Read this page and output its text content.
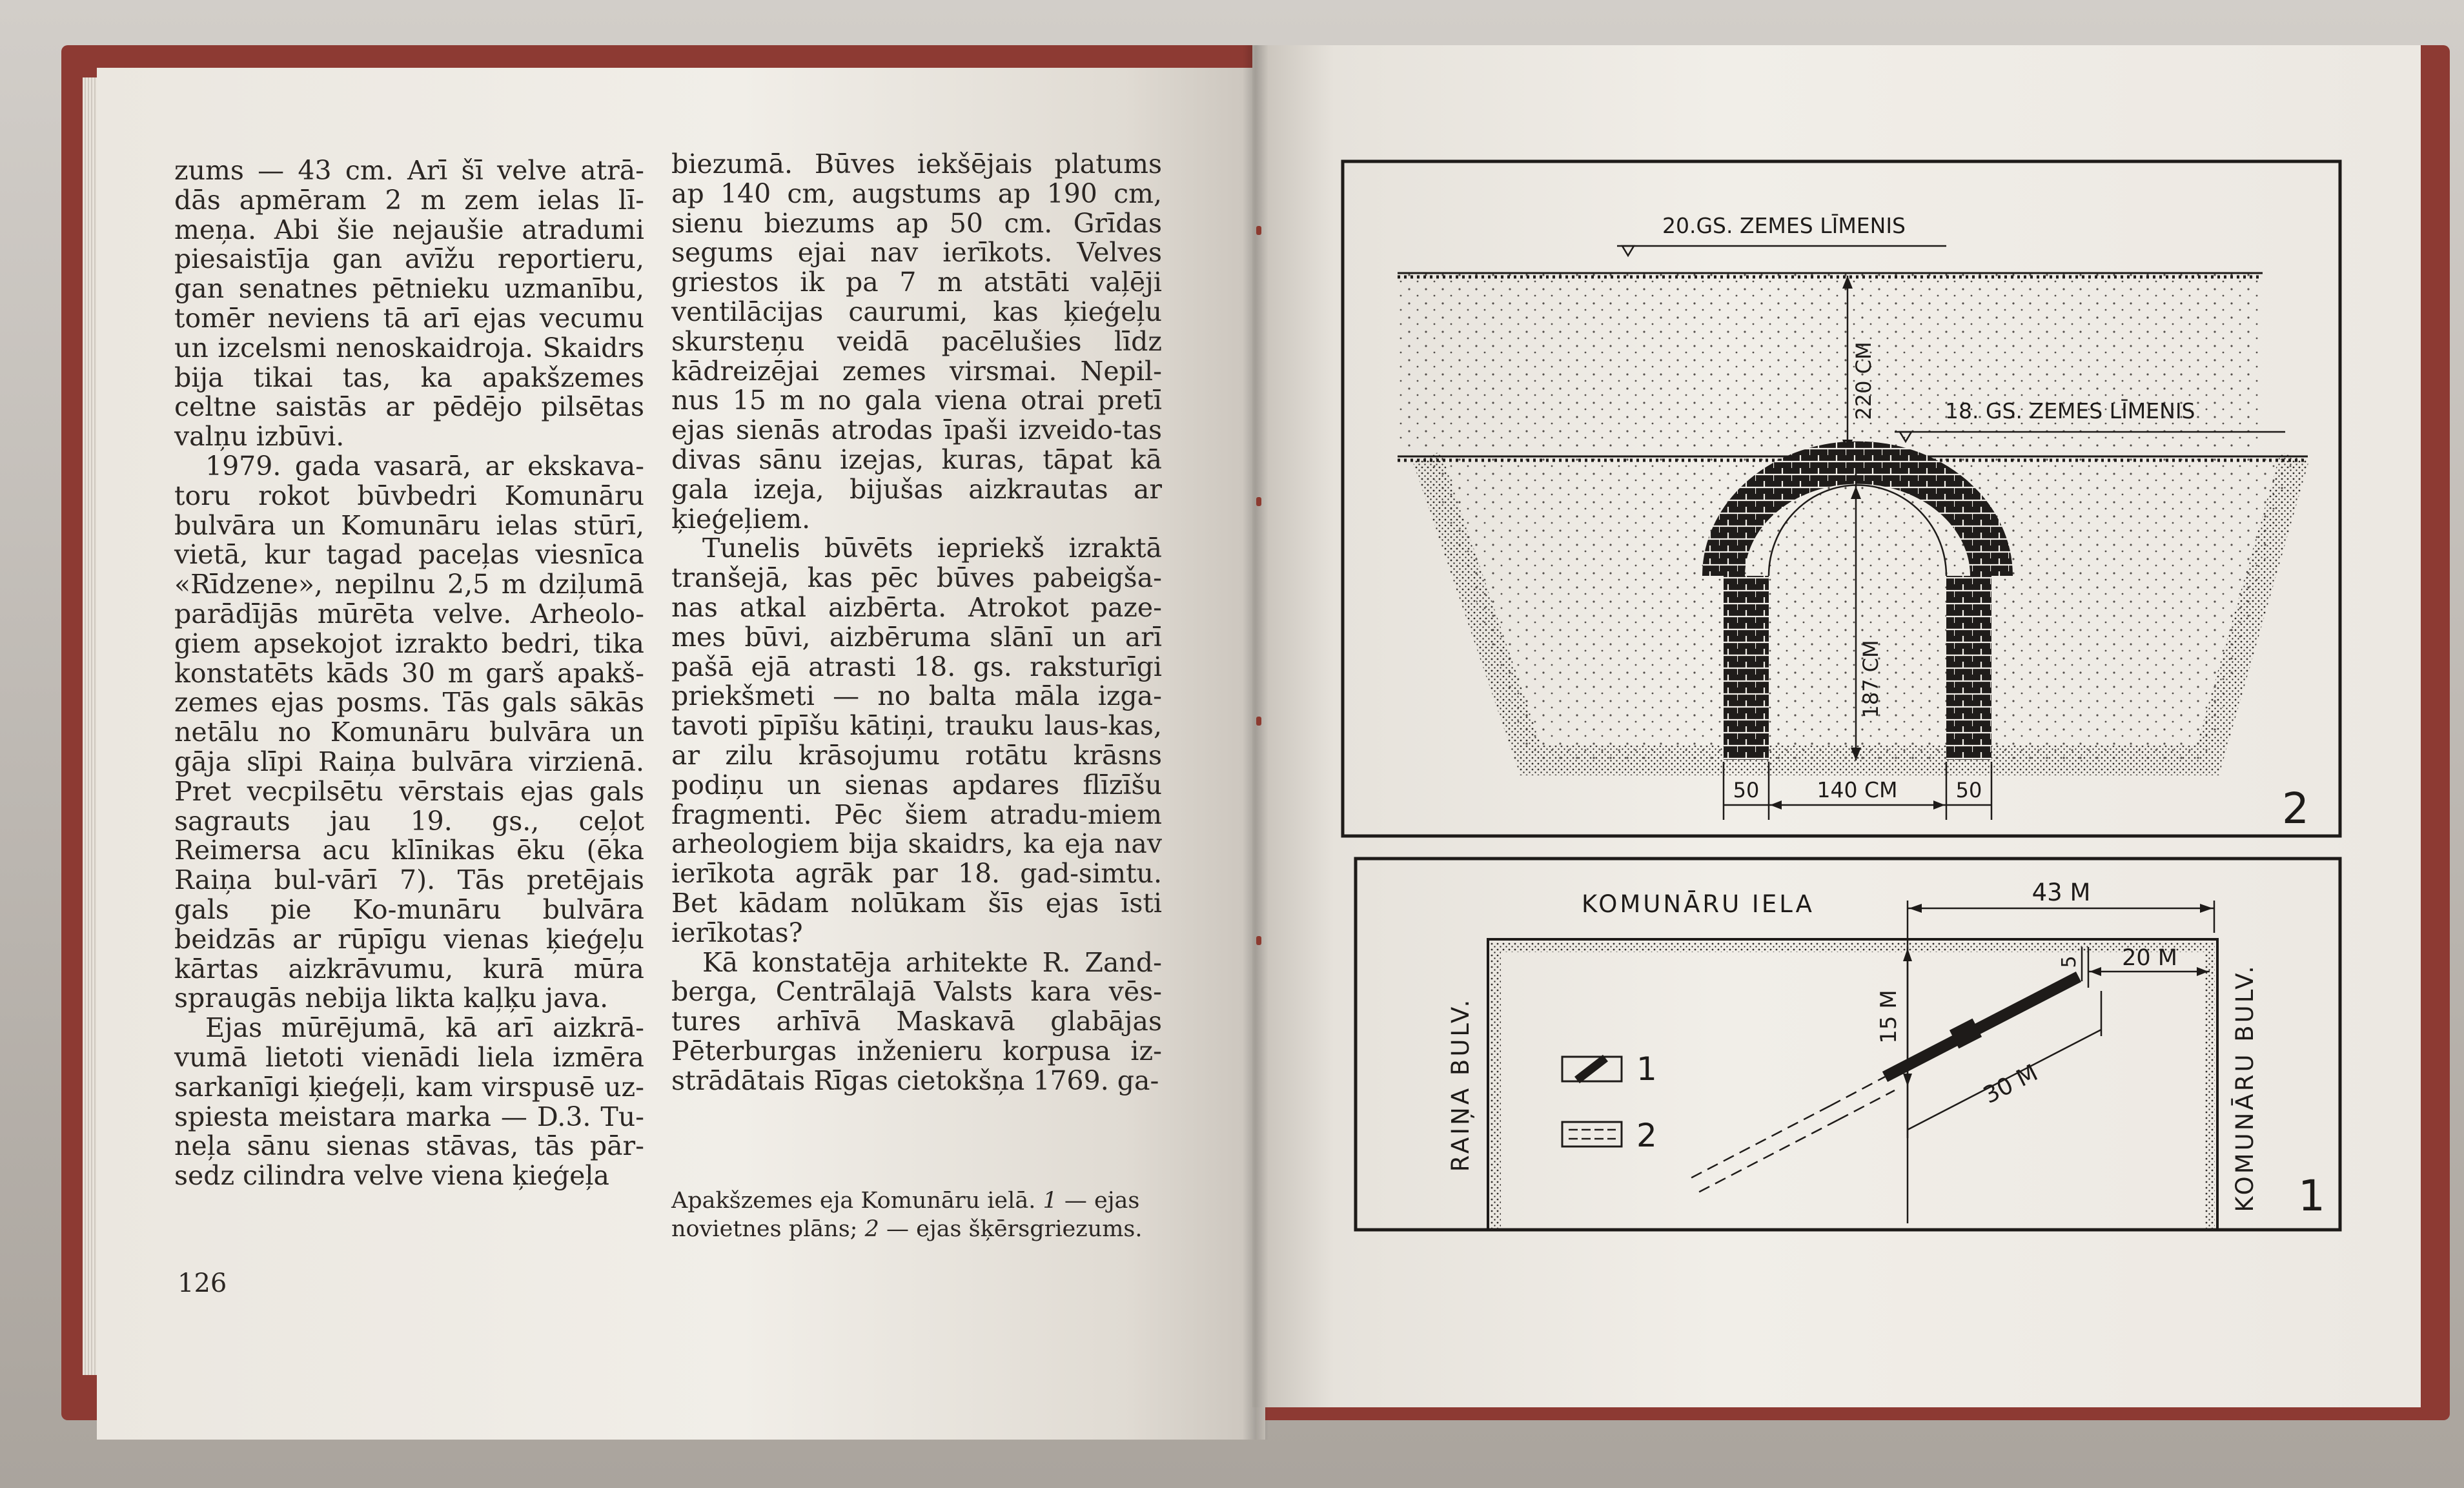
zums — 43 cm. Arī šī velve atrā-dās apmēram 2 m zem ielas lī-meņa. Abi šie nejaušie atradumi piesaistīja gan avīžu reportieru, gan senatnes pētnieku uzmanību, tomēr neviens tā arī ejas vecumu un izcelsmi nenoskaidroja. Skaidrs bija tikai tas, ka apakšzemes celtne saistās ar pēdējo pilsētas valņu izbūvi.

1979. gada vasarā, ar ekskava-toru rokot būvbedri Komunāru bulvāra un Komunāru ielas stūrī, vietā, kur tagad paceļas viesnīca «Rīdzene», nepilnu 2,5 m dziļumā parādījās mūrēta velve. Arheolo-giem apsekojot izrakto bedri, tika konstatēts kāds 30 m garš apakš-zemes ejas posms. Tās gals sākās netālu no Komunāru bulvāra un gāja slīpi Raiņa bulvāra virzienā. Pret vecpilsētu vērstais ejas gals sagrauts jau 19. gs., ceļot Reimersa acu klīnikas ēku (ēka Raiņa bul-vārī 7). Tās pretējais gals pie Ko-munāru bulvāra beidzās ar rūpīgu vienas ķieģeļu kārtas aizkrāvumu, kurā mūra spraugās nebija likta kaļķu java.

Ejas mūrējumā, kā arī aizkrā-vumā lietoti vienādi liela izmēra sarkanīgi ķieģeļi, kam virspusē uz-spiesta meistara marka — D.3. Tu-neļa sānu sienas stāvas, tās pār-sedz cilindra velve viena ķieģeļa

biezumā. Būves iekšējais platums ap 140 cm, augstums ap 190 cm, sienu biezums ap 50 cm. Grīdas segums ejai nav ierīkots. Velves griestos ik pa 7 m atstāti vaļēji ventilācijas caurumi, kas ķieģeļu skursteņu veidā pacēlušies līdz kādreizējai zemes virsmai. Nepil-nus 15 m no gala viena otrai pretī ejas sienās atrodas īpaši izveido-tas divas sānu izejas, kuras, tāpat kā gala izeja, bijušas aizkrautas ar ķieģeļiem.

Tunelis būvēts iepriekš izraktā tranšejā, kas pēc būves pabeigša-nas atkal aizbērta. Atrokot paze-mes būvi, aizbēruma slānī un arī pašā ejā atrasti 18. gs. raksturīgi priekšmeti — no balta māla izga-tavoti pīpīšu kātiņi, trauku laus-kas, ar zilu krāsojumu rotātu krāsns podiņu un sienas apdares flīzīšu fragmenti. Pēc šiem atradu-miem arheologiem bija skaidrs, ka eja nav ierīkota agrāk par 18. gad-simtu. Bet kādam nolūkam šīs ejas īsti ierīkotas?

Kā konstatēja arhitekte R. Zand-berga, Centrālajā Valsts kara vēs-tures arhīvā Maskavā glabājas Pēterburgas inženieru korpusa iz-strādātais Rīgas cietokšņa 1769. ga-

126
Apakšzemes eja Komunāru ielā. 1 — ejas novietnes plāns; 2 — ejas šķērsgriezums.
20.GS. ZEMES LĪMENIS
18. GS. ZEMES LĪMENIS
220 CM
187 CM
50	140 CM	50	2
KOMUNĀRU IELA
RAIŅA BULV.	KOMUNĀRU BULV.
43 M
20 M
5
15 M
30 M
1
2
1
